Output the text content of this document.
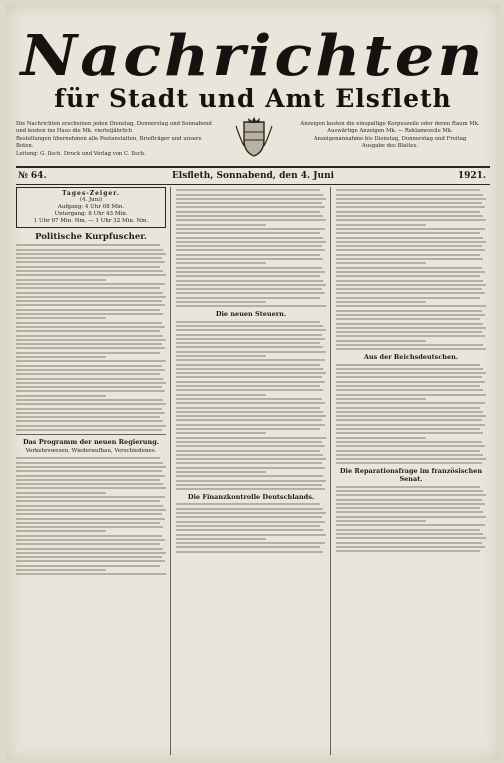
Nachrichten
für Stadt und Amt Elsfleth
Die Nachrichten erscheinen jeden Dienstag, Donnerstag und Sonnabend
und kosten ins Haus die Mk. vierteljährlich
Bestellungen übernehmen alle Postanstalten, Briefträger und unsere Boten.
Leitung: G. Ilsch. Druck und Verlag von C. Ilsch.
Anzeigen kosten die einspaltige Korpuszeile oder deren Raum Mk.
Auswärtige Anzeigen Mk. — Reklamezeile Mk.
Anzeigenannahme bis Dienstag, Donnerstag und Freitag
Ausgabe des Blattes.
№ 64.	Elsfleth, Sonnabend, den 4. Juni	1921.
Tages-Zeiger.
(4. Juni)
Aufgang: 4 Uhr 08 Min.
Untergang: 8 Uhr 43 Min.
1 Uhr 07 Min. Nm. — 1 Uhr 32 Min. Nm.
Politische Kurpfuscher.
Das Programm der neuen Regierung.
Verkehrswesen, Wiederaufbau, Verschiedenes.
Die neuen Steuern.
Die Finanzkontrolle Deutschlands.
Aus der Reichsdeutschen.
Die Reparationsfrage im französischen Senat.
